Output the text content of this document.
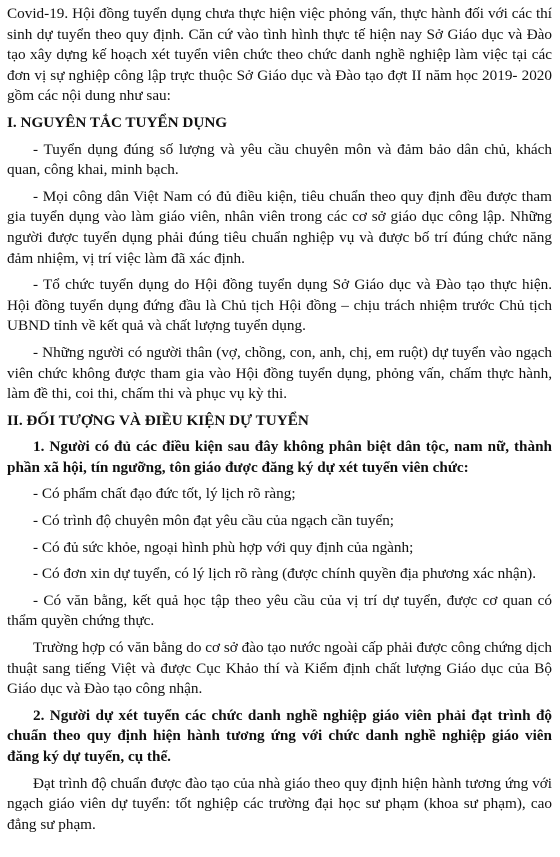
Covid-19. Hội đồng tuyển dụng chưa thực hiện việc phỏng vấn, thực hành đối với các thí sinh dự tuyển theo quy định. Căn cứ vào tình hình thực tế hiện nay Sở Giáo dục và Đào tạo xây dựng kế hoạch xét tuyển viên chức theo chức danh nghề nghiệp làm việc tại các đơn vị sự nghiệp công lập trực thuộc Sở Giáo dục và Đào tạo đợt II năm học 2019- 2020 gồm các nội dung như sau:

I. NGUYÊN TẮC TUYỂN DỤNG

- Tuyển dụng đúng số lượng và yêu cầu chuyên môn và đảm bảo dân chủ, khách quan, công khai, minh bạch.

- Mọi công dân Việt Nam có đủ điều kiện, tiêu chuẩn theo quy định đều được tham gia tuyển dụng vào làm giáo viên, nhân viên trong các cơ sở giáo dục công lập. Những người được tuyển dụng phải đúng tiêu chuẩn nghiệp vụ và được bố trí đúng chức năng đảm nhiệm, vị trí việc làm đã xác định.

- Tổ chức tuyển dụng do Hội đồng tuyển dụng Sở Giáo dục và Đào tạo thực hiện. Hội đồng tuyển dụng đứng đầu là Chủ tịch Hội đồng – chịu trách nhiệm trước Chủ tịch UBND tỉnh về kết quả và chất lượng tuyển dụng.

- Những người có người thân (vợ, chồng, con, anh, chị, em ruột) dự tuyển vào ngạch viên chức không được tham gia vào Hội đồng tuyển dụng, phỏng vấn, chấm thực hành, làm đề thi, coi thi, chấm thi và phục vụ kỳ thi.

II. ĐỐI TƯỢNG VÀ ĐIỀU KIỆN DỰ TUYỂN

1. Người có đủ các điều kiện sau đây không phân biệt dân tộc, nam nữ, thành phần xã hội, tín ngưỡng, tôn giáo được đăng ký dự xét tuyển viên chức:

- Có phẩm chất đạo đức tốt, lý lịch rõ ràng;

- Có trình độ chuyên môn đạt yêu cầu của ngạch cần tuyển;

- Có đủ sức khỏe, ngoại hình phù hợp với quy định của ngành;

- Có đơn xin dự tuyển, có lý lịch rõ ràng (được chính quyền địa phương xác nhận).

- Có văn bằng, kết quả học tập theo yêu cầu của vị trí dự tuyển, được cơ quan có thẩm quyền chứng thực.

Trường hợp có văn bằng do cơ sở đào tạo nước ngoài cấp phải được công chứng dịch thuật sang tiếng Việt và được Cục Khảo thí và Kiểm định chất lượng Giáo dục của Bộ Giáo dục và Đào tạo công nhận.

2. Người dự xét tuyển các chức danh nghề nghiệp giáo viên phải đạt trình độ chuẩn theo quy định hiện hành tương ứng với chức danh nghề nghiệp giáo viên đăng ký dự tuyển, cụ thể.

Đạt trình độ chuẩn được đào tạo của nhà giáo theo quy định hiện hành tương ứng với ngạch giáo viên dự tuyển: tốt nghiệp các trường đại học sư phạm (khoa sư phạm), cao đẳng sư phạm.
